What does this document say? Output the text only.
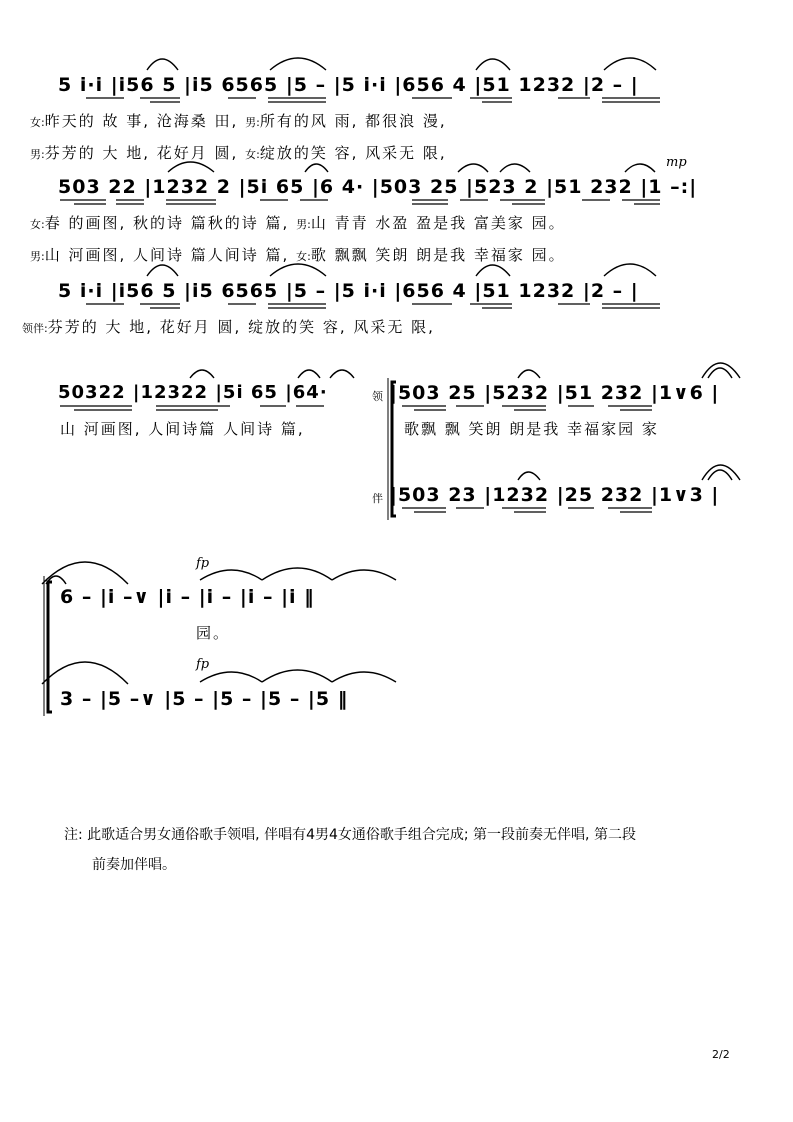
5 i·i |i56 5 |i5 6565 |5 – |5 i·i |656 4 |51 1232 |2 – |
女:昨天的 故 事, 沧海桑 田, 男:所有的风 雨, 都很浪 漫,
男:芬芳的 大 地, 花好月 圆, 女:绽放的笑 容, 风采无 限,
mp
503 22 |1232 2 |5i 65 |6 4· |503 25 |523 2 |51 232 |1 –:|
女:春 的画图, 秋的诗 篇秋的诗 篇, 男:山 青青 水盈 盈是我 富美家 园。
男:山 河画图, 人间诗 篇人间诗 篇, 女:歌 飘飘 笑朗 朗是我 幸福家 园。
5 i·i |i56 5 |i5 6565 |5 – |5 i·i |656 4 |51 1232 |2 – |
领伴:芬芳的 大 地, 花好月 圆, 绽放的笑 容, 风采无 限,
50322 |12322 |5i 65 |64·
山 河画图, 人间诗篇 人间诗 篇,
领 |503 25 |5232 |51 232 |1∨6 |
歌飘 飘 笑朗 朗是我 幸福家园 家
伴 |503 23 |1232 |25 232 |1∨3 |
fp
6 – |i –∨ |i – |i – |i – |i ‖
园。
fp
3 – |5 –∨ |5 – |5 – |5 – |5 ‖
注: 此歌适合男女通俗歌手领唱, 伴唱有4男4女通俗歌手组合完成; 第一段前奏无伴唱, 第二段
前奏加伴唱。
2/2
